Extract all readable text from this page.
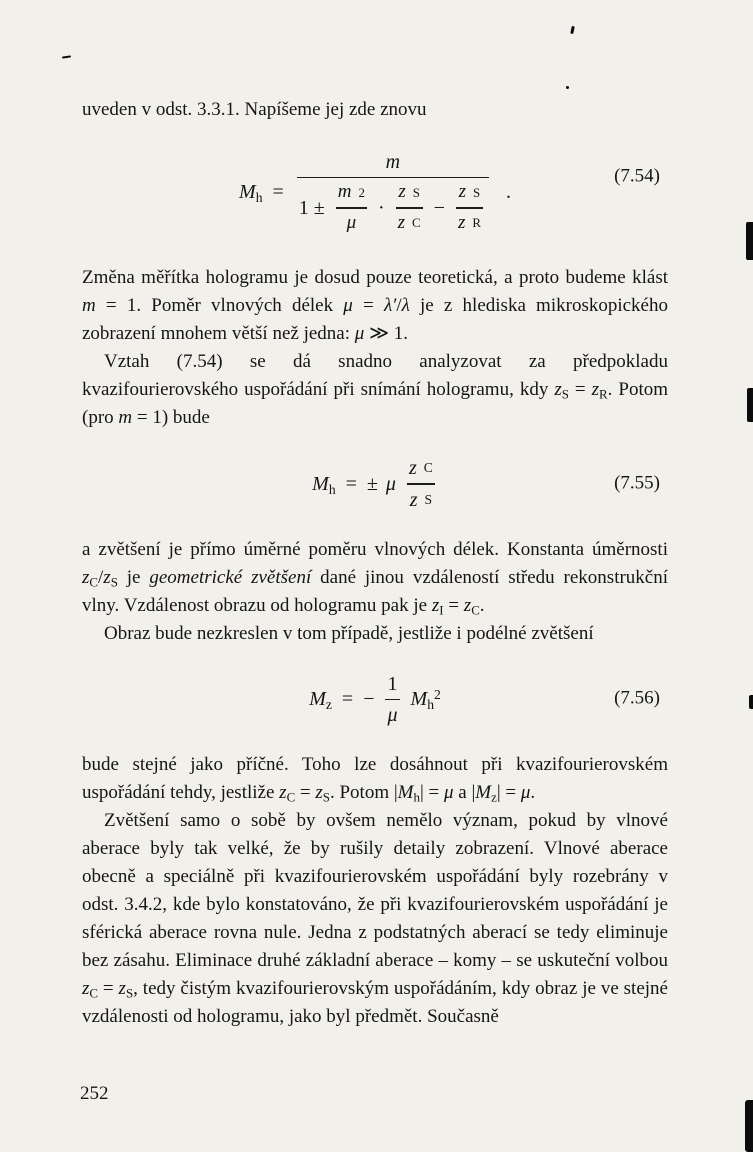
uveden v odst. 3.3.1. Napíšeme jej zde znovu

$M_h$ =
m
$1 \pm \frac{m 2}{\mu} \cdot \frac{\text{z S}}{\text{z C}} - \frac{\text{z S}}{\text{z R}}$ .
(7.54)

Změna měřítka hologramu je dosud pouze teoretická, a proto budeme klást m = 1. Poměr vlnových délek μ = λ′/λ je z hlediska mikroskopického zobrazení mnohem větší než jedna: μ ≫ 1.

Vztah (7.54) se dá snadno analyzovat za předpokladu kvazifourierovského uspořádání při snímání hologramu, kdy $z_S = z_R$. Potom (pro m = 1) bude

$M_h$ = ± μ $\frac{\text{z C}}{\text{z S}}$	(7.55)

a zvětšení je přímo úměrné poměru vlnových délek. Konstanta úměrnosti $z_C/z_S$ je geometrické zvětšení dané jinou vzdáleností středu rekonstrukční vlny. Vzdálenost obrazu od hologramu pak je $z_I = z_C$.

Obraz bude nezkreslen v tom případě, jestliže i podélné zvětšení

$M_z$ = − $\frac{1}{\mu} M_h^2$	(7.56)

bude stejné jako příčné. Toho lze dosáhnout při kvazifourierovském uspořádání tehdy, jestliže $z_C = z_S$. Potom $|M_h| = \mu$ a $|M_z| = \mu$.

Zvětšení samo o sobě by ovšem nemělo význam, pokud by vlnové aberace byly tak velké, že by rušily detaily zobrazení. Vlnové aberace obecně a speciálně při kvazifourierovském uspořádání byly rozebrány v odst. 3.4.2, kde bylo konstatováno, že při kvazifourierovském uspořádání je sférická aberace rovna nule. Jedna z podstatných aberací se tedy eliminuje bez zásahu. Eliminace druhé základní aberace – komy – se uskuteční volbou $z_C = z_S$, tedy čistým kvazifourierovským uspořádáním, kdy obraz je ve stejné vzdálenosti od hologramu, jako byl předmět. Současně

252
